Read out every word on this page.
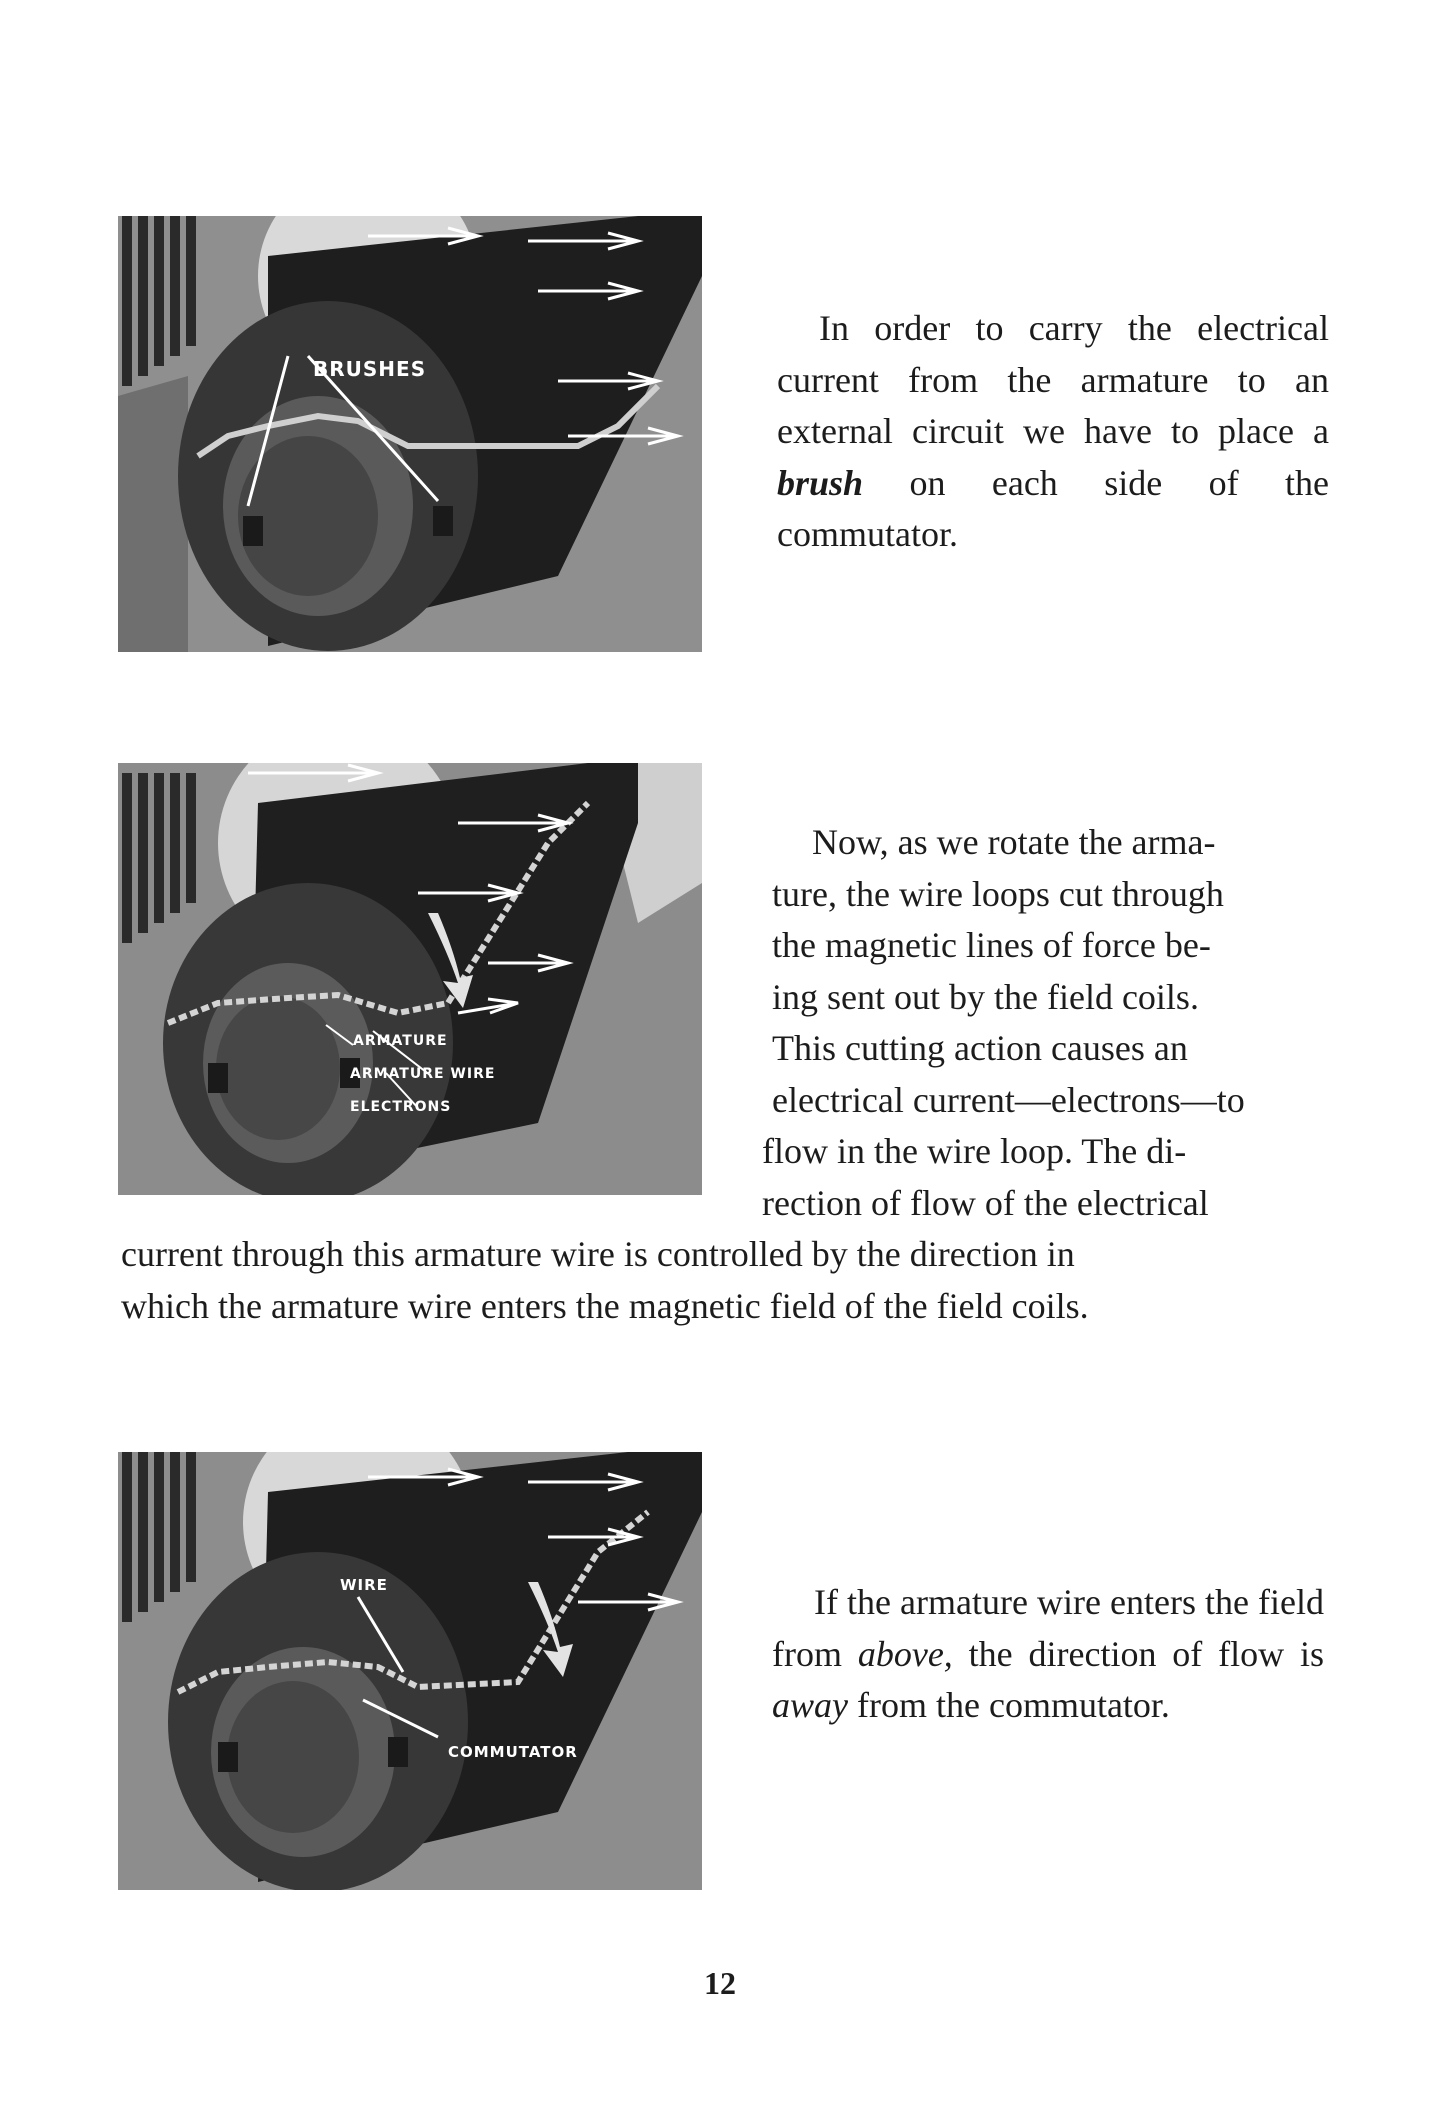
BRUSHES

In order to carry the electrical current from the armature to an external circuit we have to place a brush on each side of the commutator.

ARMATURE
ARMATURE WIRE
ELECTRONS
Now, as we rotate the arma-
ture, the wire loops cut through
the magnetic lines of force be-
ing sent out by the field coils.
This cutting action causes an
electrical current—electrons—to
flow in the wire loop. The di-
rection of flow of the electrical
current through this armature wire is controlled by the direction in
which the armature wire enters the magnetic field of the field coils.
WIRE
COMMUTATOR

If the armature wire enters the field from above, the direction of flow is away from the commutator.

12
